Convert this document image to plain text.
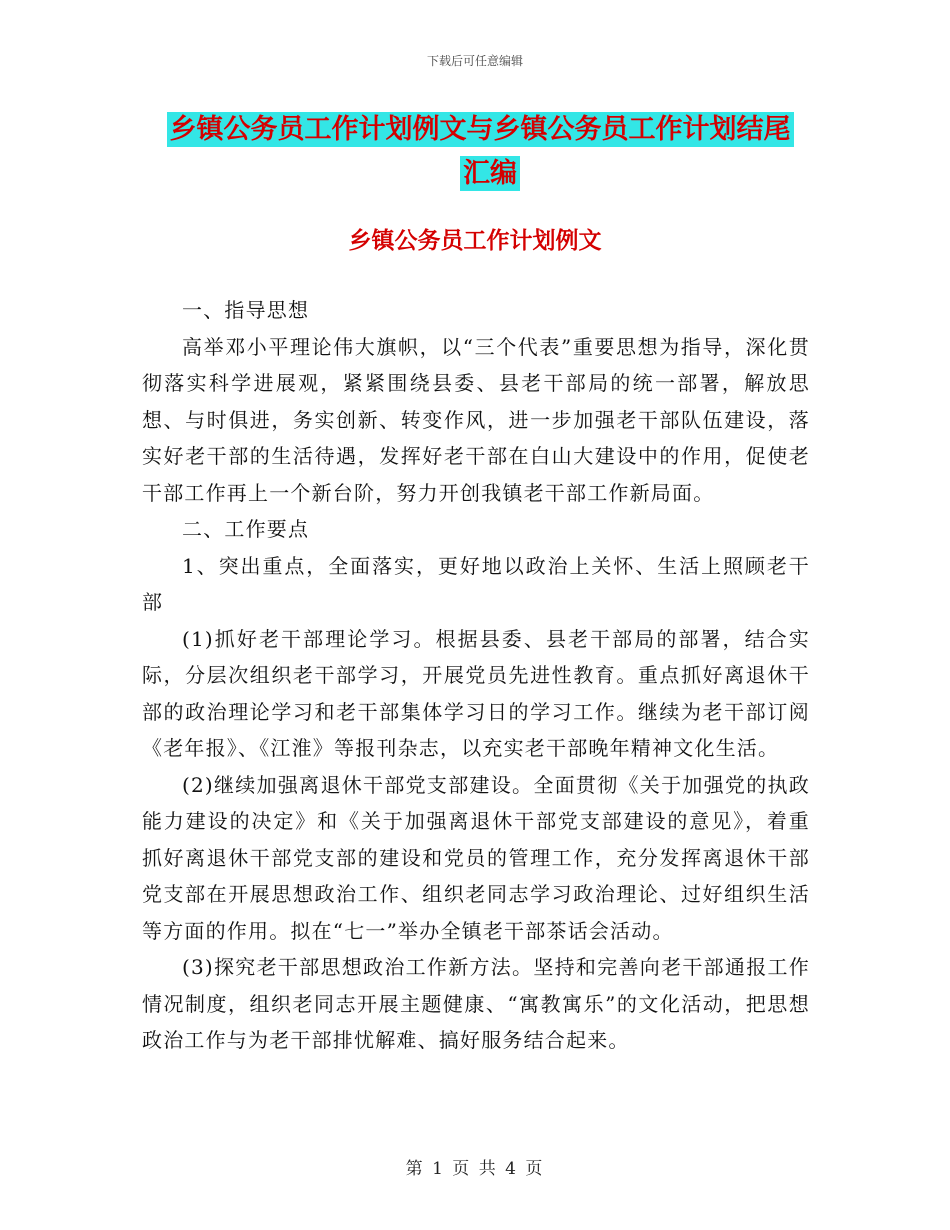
下载后可任意编辑
乡镇公务员工作计划例文与乡镇公务员工作计划结尾
汇编
乡镇公务员工作计划例文

一、指导思想

高举邓小平理论伟大旗帜，以“三个代表”重要思想为指导，深化贯彻落实科学进展观，紧紧围绕县委、县老干部局的统一部署，解放思想、与时俱进，务实创新、转变作风，进一步加强老干部队伍建设，落实好老干部的生活待遇，发挥好老干部在白山大建设中的作用，促使老干部工作再上一个新台阶，努力开创我镇老干部工作新局面。

二、工作要点

1、突出重点，全面落实，更好地以政治上关怀、生活上照顾老干部

(1)抓好老干部理论学习。根据县委、县老干部局的部署，结合实际，分层次组织老干部学习，开展党员先进性教育。重点抓好离退休干部的政治理论学习和老干部集体学习日的学习工作。继续为老干部订阅《老年报》、《江淮》等报刊杂志，以充实老干部晚年精神文化生活。

(2)继续加强离退休干部党支部建设。全面贯彻《关于加强党的执政能力建设的决定》和《关于加强离退休干部党支部建设的意见》，着重抓好离退休干部党支部的建设和党员的管理工作，充分发挥离退休干部党支部在开展思想政治工作、组织老同志学习政治理论、过好组织生活等方面的作用。拟在“七一”举办全镇老干部茶话会活动。

(3)探究老干部思想政治工作新方法。坚持和完善向老干部通报工作情况制度，组织老同志开展主题健康、“寓教寓乐”的文化活动，把思想政治工作与为老干部排忧解难、搞好服务结合起来。

第 1 页 共 4 页
